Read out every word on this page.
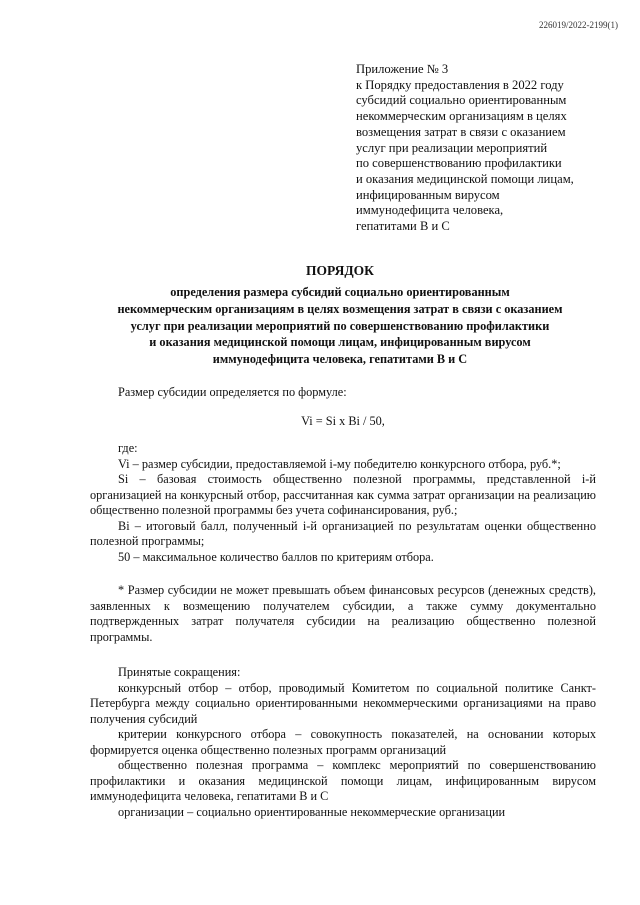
226019/2022-2199(1)
Приложение № 3
к Порядку предоставления в 2022 году
субсидий социально ориентированным
некоммерческим организациям в целях
возмещения затрат в связи с оказанием
услуг при реализации мероприятий
по совершенствованию профилактики
и оказания медицинской помощи лицам,
инфицированным вирусом
иммунодефицита человека,
гепатитами В и С
ПОРЯДОК
определения размера субсидий социально ориентированным
некоммерческим организациям в целях возмещения затрат в связи с оказанием
услуг при реализации мероприятий по совершенствованию профилактики
и оказания медицинской помощи лицам, инфицированным вирусом
иммунодефицита человека, гепатитами В и С

Размер субсидии определяется по формуле:

Vi = Si x Bi / 50,

где:

Vi – размер субсидии, предоставляемой i-му победителю конкурсного отбора, руб.*;

Si – базовая стоимость общественно полезной программы, представленной i-й организацией на конкурсный отбор, рассчитанная как сумма затрат организации на реализацию общественно полезной программы без учета софинансирования, руб.;

Bi – итоговый балл, полученный i-й организацией по результатам оценки общественно полезной программы;

50 – максимальное количество баллов по критериям отбора.

* Размер субсидии не может превышать объем финансовых ресурсов (денежных средств), заявленных к возмещению получателем субсидии, а также сумму документально подтвержденных затрат получателя субсидии на реализацию общественно полезной программы.

Принятые сокращения:

конкурсный отбор – отбор, проводимый Комитетом по социальной политике Санкт-Петербурга между социально ориентированными некоммерческими организациями на право получения субсидий

критерии конкурсного отбора – совокупность показателей, на основании которых формируется оценка общественно полезных программ организаций

общественно полезная программа – комплекс мероприятий по совершенствованию профилактики и оказания медицинской помощи лицам, инфицированным вирусом иммунодефицита человека, гепатитами В и С

организации – социально ориентированные некоммерческие организации
